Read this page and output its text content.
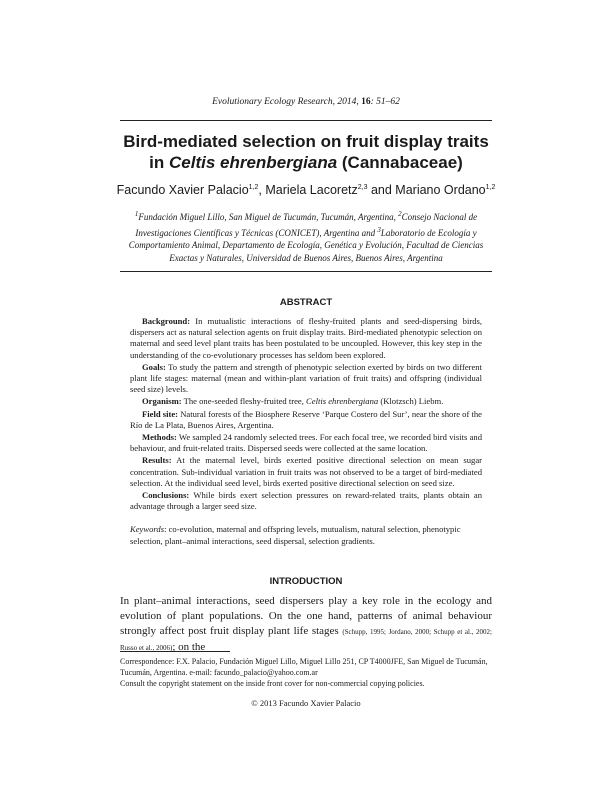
Evolutionary Ecology Research, 2014, 16: 51–62
Bird-mediated selection on fruit display traits
in Celtis ehrenbergiana (Cannabaceae)
Facundo Xavier Palacio$^{1,2}$, Mariela Lacoretz$^{2,3}$ and Mariano Ordano$^{1,2}$
$^1$Fundación Miguel Lillo, San Miguel de Tucumán, Tucumán, Argentina, $^2$Consejo Nacional de Investigaciones Científicas y Técnicas (CONICET), Argentina and $^3$Laboratorio de Ecología y Comportamiento Animal, Departamento de Ecología, Genética y Evolución, Facultad de Ciencias Exactas y Naturales, Universidad de Buenos Aires, Buenos Aires, Argentina
ABSTRACT

Background: In mutualistic interactions of fleshy-fruited plants and seed-dispersing birds, dispersers act as natural selection agents on fruit display traits. Bird-mediated phenotypic selection on maternal and seed level plant traits has been postulated to be uncoupled. However, this key step in the understanding of the co-evolutionary processes has seldom been explored.

Goals: To study the pattern and strength of phenotypic selection exerted by birds on two different plant life stages: maternal (mean and within-plant variation of fruit traits) and offspring (individual seed size) levels.

Organism: The one-seeded fleshy-fruited tree, Celtis ehrenbergiana (Klotzsch) Liebm.

Field site: Natural forests of the Biosphere Reserve ‘Parque Costero del Sur’, near the shore of the Río de La Plata, Buenos Aires, Argentina.

Methods: We sampled 24 randomly selected trees. For each focal tree, we recorded bird visits and behaviour, and fruit-related traits. Dispersed seeds were collected at the same location.

Results: At the maternal level, birds exerted positive directional selection on mean sugar concentration. Sub-individual variation in fruit traits was not observed to be a target of bird-mediated selection. At the individual seed level, birds exerted positive directional selection on seed size.

Conclusions: While birds exert selection pressures on reward-related traits, plants obtain an advantage through a larger seed size.

Keywords: co-evolution, maternal and offspring levels, mutualism, natural selection, phenotypic selection, plant–animal interactions, seed dispersal, selection gradients.
INTRODUCTION
In plant–animal interactions, seed dispersers play a key role in the ecology and evolution of plant populations. On the one hand, patterns of animal behaviour strongly affect post fruit display plant life stages (Schupp, 1995; Jordano, 2000; Schupp et al., 2002; Russo et al., 2006); on the
Correspondence: F.X. Palacio, Fundación Miguel Lillo, Miguel Lillo 251, CP T4000JFE, San Miguel de Tucumán, Tucumán, Argentina. e-mail: facundo_palacio@yahoo.com.ar
Consult the copyright statement on the inside front cover for non-commercial copying policies.
© 2013 Facundo Xavier Palacio
